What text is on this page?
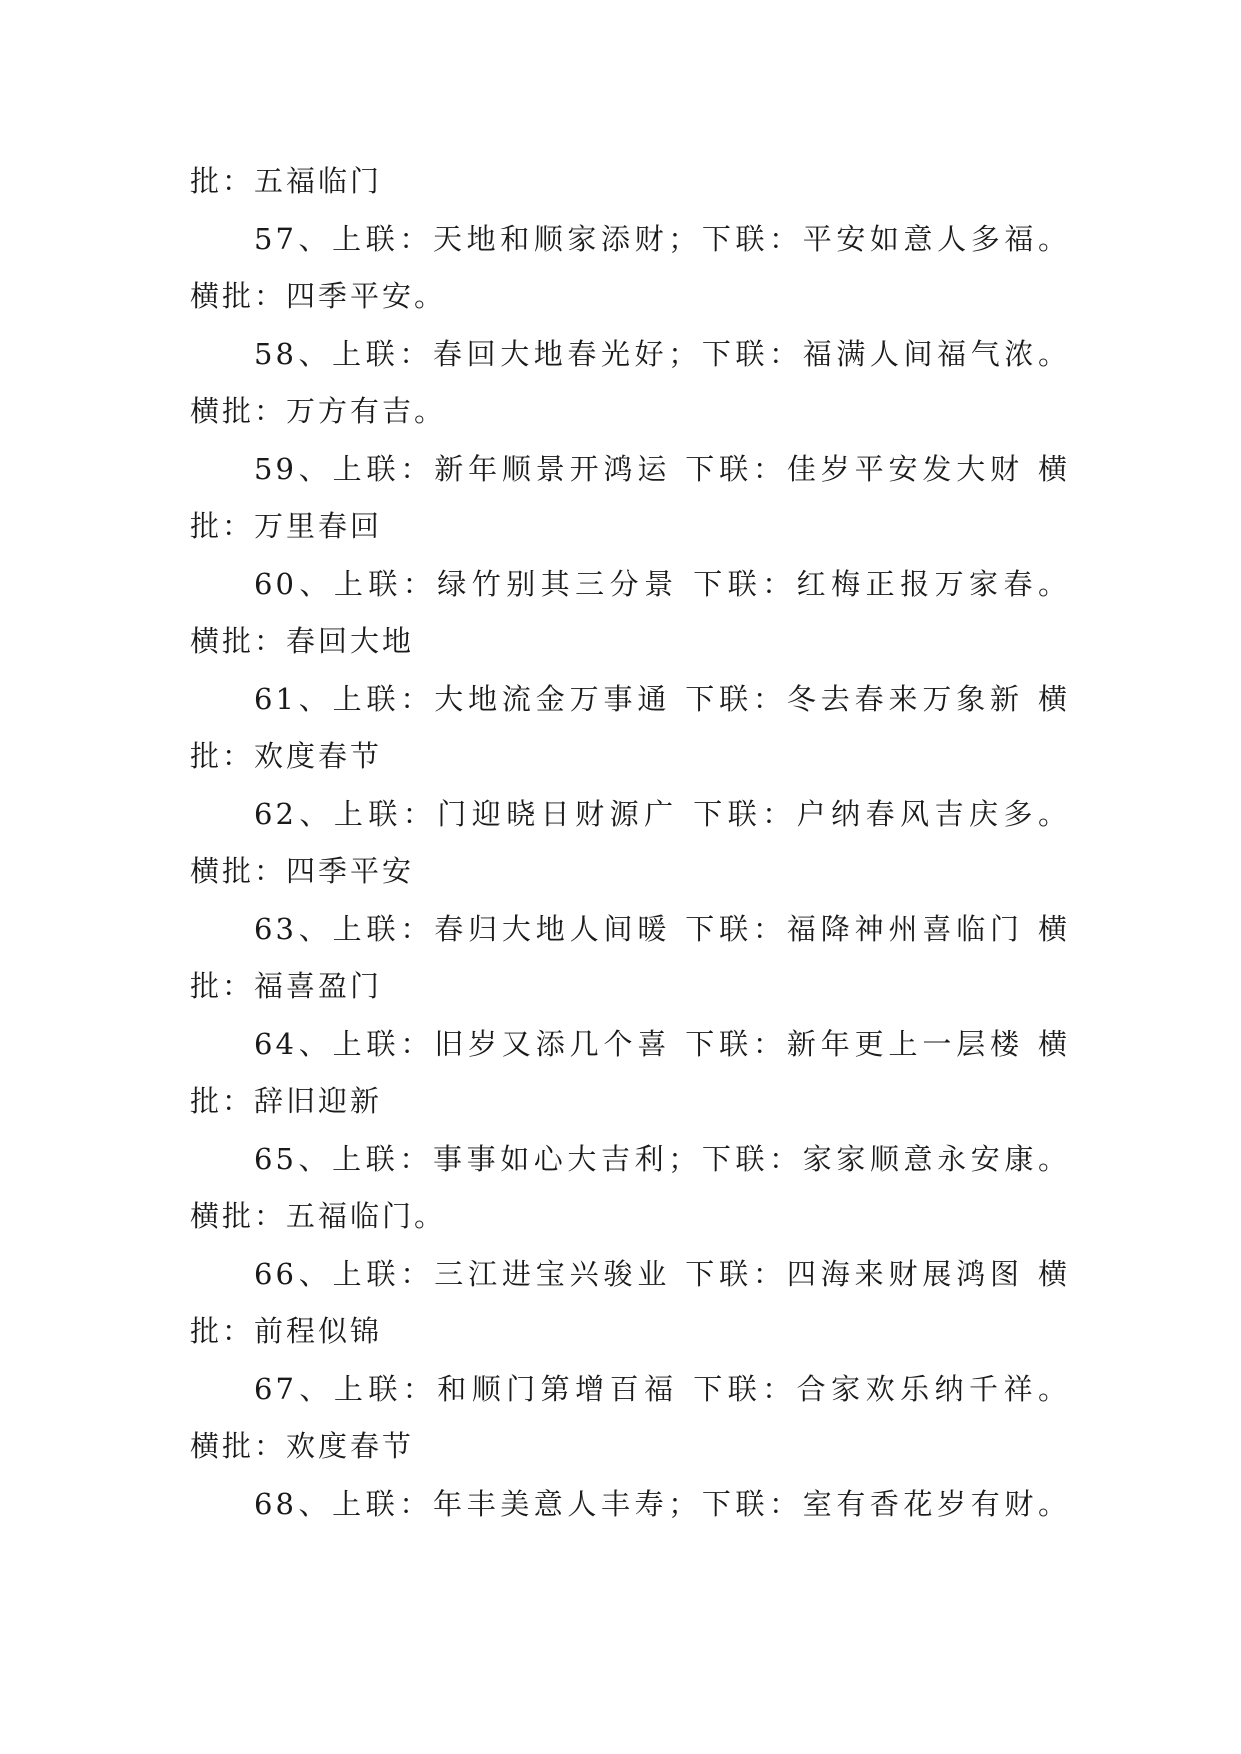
批：五福临门
57、上联：天地和顺家添财；下联：平安如意人多福。
横批：四季平安。
58、上联：春回大地春光好；下联：福满人间福气浓。
横批：万方有吉。
59、上联：新年顺景开鸿运 下联：佳岁平安发大财 横
批：万里春回
60、上联：绿竹别其三分景 下联：红梅正报万家春。
横批：春回大地
61、上联：大地流金万事通 下联：冬去春来万象新 横
批：欢度春节
62、上联：门迎晓日财源广 下联：户纳春风吉庆多。
横批：四季平安
63、上联：春归大地人间暖 下联：福降神州喜临门 横
批：福喜盈门
64、上联：旧岁又添几个喜 下联：新年更上一层楼 横
批：辞旧迎新
65、上联：事事如心大吉利；下联：家家顺意永安康。
横批：五福临门。
66、上联：三江进宝兴骏业 下联：四海来财展鸿图 横
批：前程似锦
67、上联：和顺门第增百福 下联：合家欢乐纳千祥。
横批：欢度春节
68、上联：年丰美意人丰寿；下联：室有香花岁有财。
